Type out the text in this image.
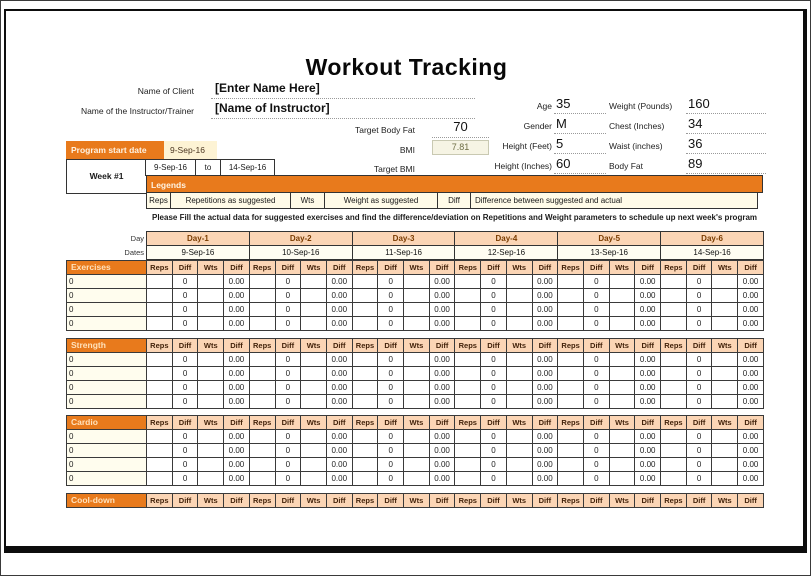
Workout Tracking
Name of Client [Enter Name Here]
Name of the Instructor/Trainer [Name of Instructor]
Target Body Fat	70
BMI	7.81
Target BMI
Age 35
Gender M
Height (Feet) 5
Height (Inches) 60
Weight (Pounds)	160
Chest (Inches)	34
Waist (inches)	36
Body Fat	89
Program start date	9-Sep-16
Week #1
9-Sep-16	to	14-Sep-16
Legends
Reps	Repetitions as suggested	Wts	Weight as suggested	Diff	Difference between suggested and actual
Please Fill the actual data for suggested exercises and find the difference/deviation on Repetitions and Weight parameters to schedule up next week's program
Day
Dates
Day-1	Day-2	Day-3	Day-4	Day-5	Day-6
9-Sep-16	10-Sep-16	11-Sep-16	12-Sep-16	13-Sep-16	14-Sep-16
Exercises	Reps	Diff	Wts	Diff	Reps	Diff	Wts	Diff	Reps	Diff	Wts	Diff	Reps	Diff	Wts	Diff	Reps	Diff	Wts	Diff	Reps	Diff	Wts	Diff
0		0		0.00		0		0.00		0		0.00		0		0.00		0		0.00		0		0.00
0		0		0.00		0		0.00		0		0.00		0		0.00		0		0.00		0		0.00
0		0		0.00		0		0.00		0		0.00		0		0.00		0		0.00		0		0.00
0		0		0.00		0		0.00		0		0.00		0		0.00		0		0.00		0		0.00
Strength	Reps	Diff	Wts	Diff	Reps	Diff	Wts	Diff	Reps	Diff	Wts	Diff	Reps	Diff	Wts	Diff	Reps	Diff	Wts	Diff	Reps	Diff	Wts	Diff
0		0		0.00		0		0.00		0		0.00		0		0.00		0		0.00		0		0.00
0		0		0.00		0		0.00		0		0.00		0		0.00		0		0.00		0		0.00
0		0		0.00		0		0.00		0		0.00		0		0.00		0		0.00		0		0.00
0		0		0.00		0		0.00		0		0.00		0		0.00		0		0.00		0		0.00
Cardio	Reps	Diff	Wts	Diff	Reps	Diff	Wts	Diff	Reps	Diff	Wts	Diff	Reps	Diff	Wts	Diff	Reps	Diff	Wts	Diff	Reps	Diff	Wts	Diff
0		0		0.00		0		0.00		0		0.00		0		0.00		0		0.00		0		0.00
0		0		0.00		0		0.00		0		0.00		0		0.00		0		0.00		0		0.00
0		0		0.00		0		0.00		0		0.00		0		0.00		0		0.00		0		0.00
0		0		0.00		0		0.00		0		0.00		0		0.00		0		0.00		0		0.00
Cool-down	Reps	Diff	Wts	Diff	Reps	Diff	Wts	Diff	Reps	Diff	Wts	Diff	Reps	Diff	Wts	Diff	Reps	Diff	Wts	Diff	Reps	Diff	Wts	Diff
